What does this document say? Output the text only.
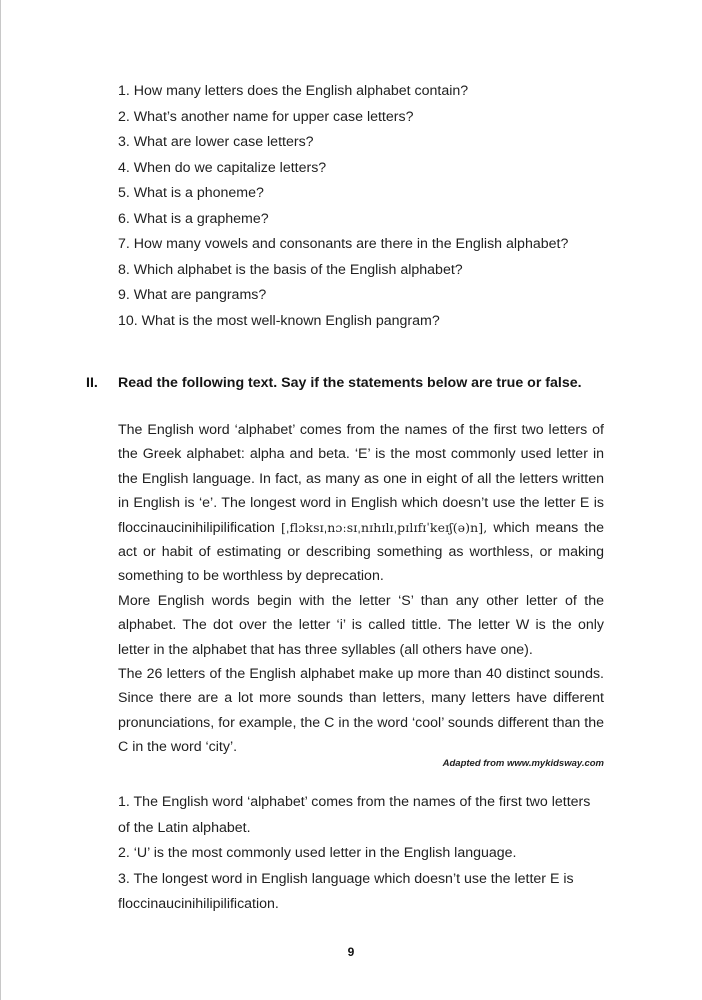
1. How many letters does the English alphabet contain?
2. What’s another name for upper case letters?
3. What are lower case letters?
4. When do we capitalize letters?
5. What is a phoneme?
6. What is a grapheme?
7. How many vowels and consonants are there in the English alphabet?
8. Which alphabet is the basis of the English alphabet?
9. What are pangrams?
10. What is the most well-known English pangram?
II. Read the following text. Say if the statements below are true or false.

The English word ‘alphabet’ comes from the names of the first two letters of the Greek alphabet: alpha and beta. ‘E’ is the most commonly used letter in the English language. In fact, as many as one in eight of all the letters written in English is ‘e’. The longest word in English which doesn’t use the letter E is floccinaucinihilipilification [ˌflɔksɪˌnɔːsɪˌnɪhɪlɪˌpɪlɪfɪˈkeɪʃ(ə)n], which means the act or habit of estimating or describing something as worthless, or making something to be worthless by deprecation.

More English words begin with the letter ‘S’ than any other letter of the alphabet. The dot over the letter ‘i’ is called tittle. The letter W is the only letter in the alphabet that has three syllables (all others have one).

The 26 letters of the English alphabet make up more than 40 distinct sounds. Since there are a lot more sounds than letters, many letters have different pronunciations, for example, the C in the word ‘cool’ sounds different than the C in the word ‘city’.

Adapted from www.mykidsway.com

1. The English word ‘alphabet’ comes from the names of the first two letters of the Latin alphabet.

2. ‘U’ is the most commonly used letter in the English language.

3. The longest word in English language which doesn’t use the letter E is floccinaucinihilipilification.

9
